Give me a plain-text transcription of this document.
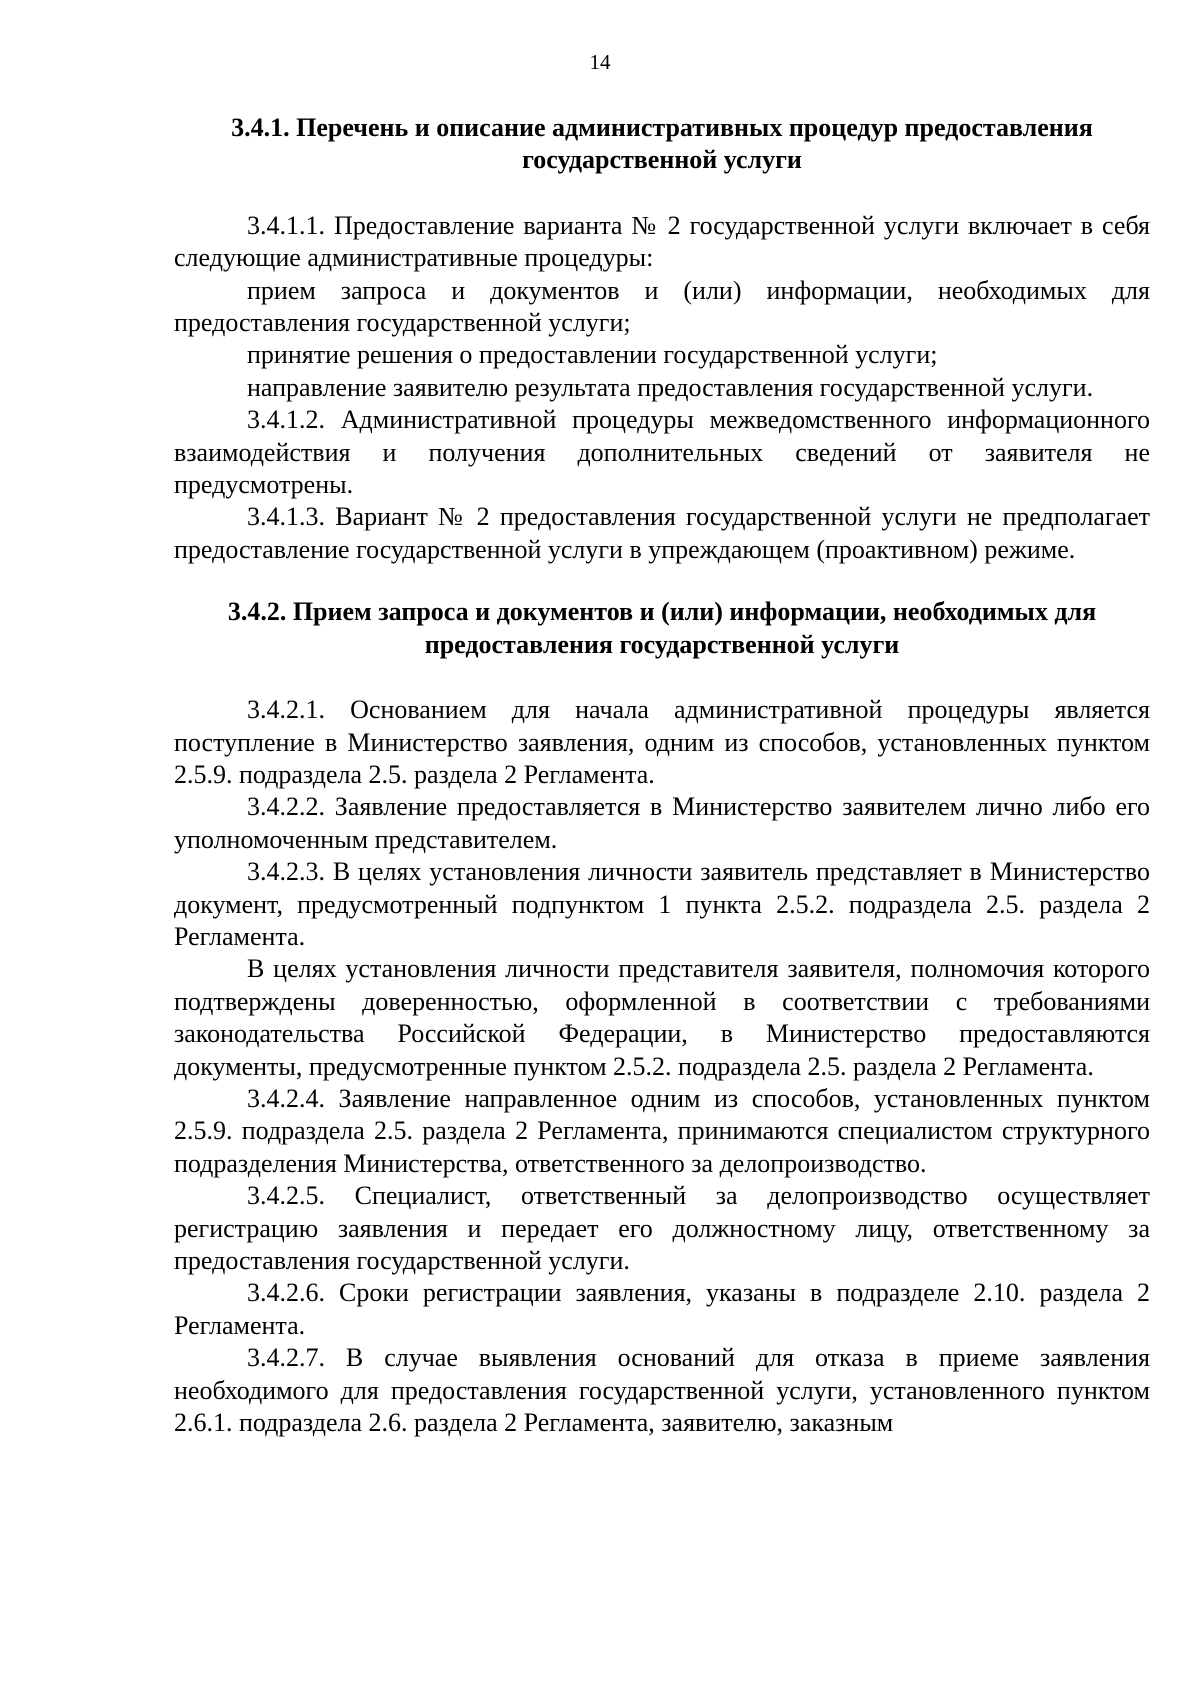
14

3.4.1. Перечень и описание административных процедур предоставления государственной услуги

3.4.1.1. Предоставление варианта № 2 государственной услуги включает в себя следующие административные процедуры:

прием запроса и документов и (или) информации, необходимых для предоставления государственной услуги;

принятие решения о предоставлении государственной услуги;

направление заявителю результата предоставления государственной услуги.

3.4.1.2. Административной процедуры межведомственного информационного взаимодействия и получения дополнительных сведений от заявителя не предусмотрены.

3.4.1.3. Вариант № 2 предоставления государственной услуги не предполагает предоставление государственной услуги в упреждающем (проактивном) режиме.

3.4.2. Прием запроса и документов и (или) информации, необходимых для предоставления государственной услуги

3.4.2.1. Основанием для начала административной процедуры является поступление в Министерство заявления, одним из способов, установленных пунктом 2.5.9. подраздела 2.5. раздела 2 Регламента.

3.4.2.2. Заявление предоставляется в Министерство заявителем лично либо его уполномоченным представителем.

3.4.2.3. В целях установления личности заявитель представляет в Министерство документ, предусмотренный подпунктом 1 пункта 2.5.2. подраздела 2.5. раздела 2 Регламента.

В целях установления личности представителя заявителя, полномочия которого подтверждены доверенностью, оформленной в соответствии с требованиями законодательства Российской Федерации, в Министерство предоставляются документы, предусмотренные пунктом 2.5.2. подраздела 2.5. раздела 2 Регламента.

3.4.2.4. Заявление направленное одним из способов, установленных пунктом 2.5.9. подраздела 2.5. раздела 2 Регламента, принимаются специалистом структурного подразделения Министерства, ответственного за делопроизводство.

3.4.2.5. Специалист, ответственный за делопроизводство осуществляет регистрацию заявления и передает его должностному лицу, ответственному за предоставления государственной услуги.

3.4.2.6. Сроки регистрации заявления, указаны в подразделе 2.10. раздела 2 Регламента.

3.4.2.7. В случае выявления оснований для отказа в приеме заявления необходимого для предоставления государственной услуги, установленного пунктом 2.6.1. подраздела 2.6. раздела 2 Регламента, заявителю, заказным
